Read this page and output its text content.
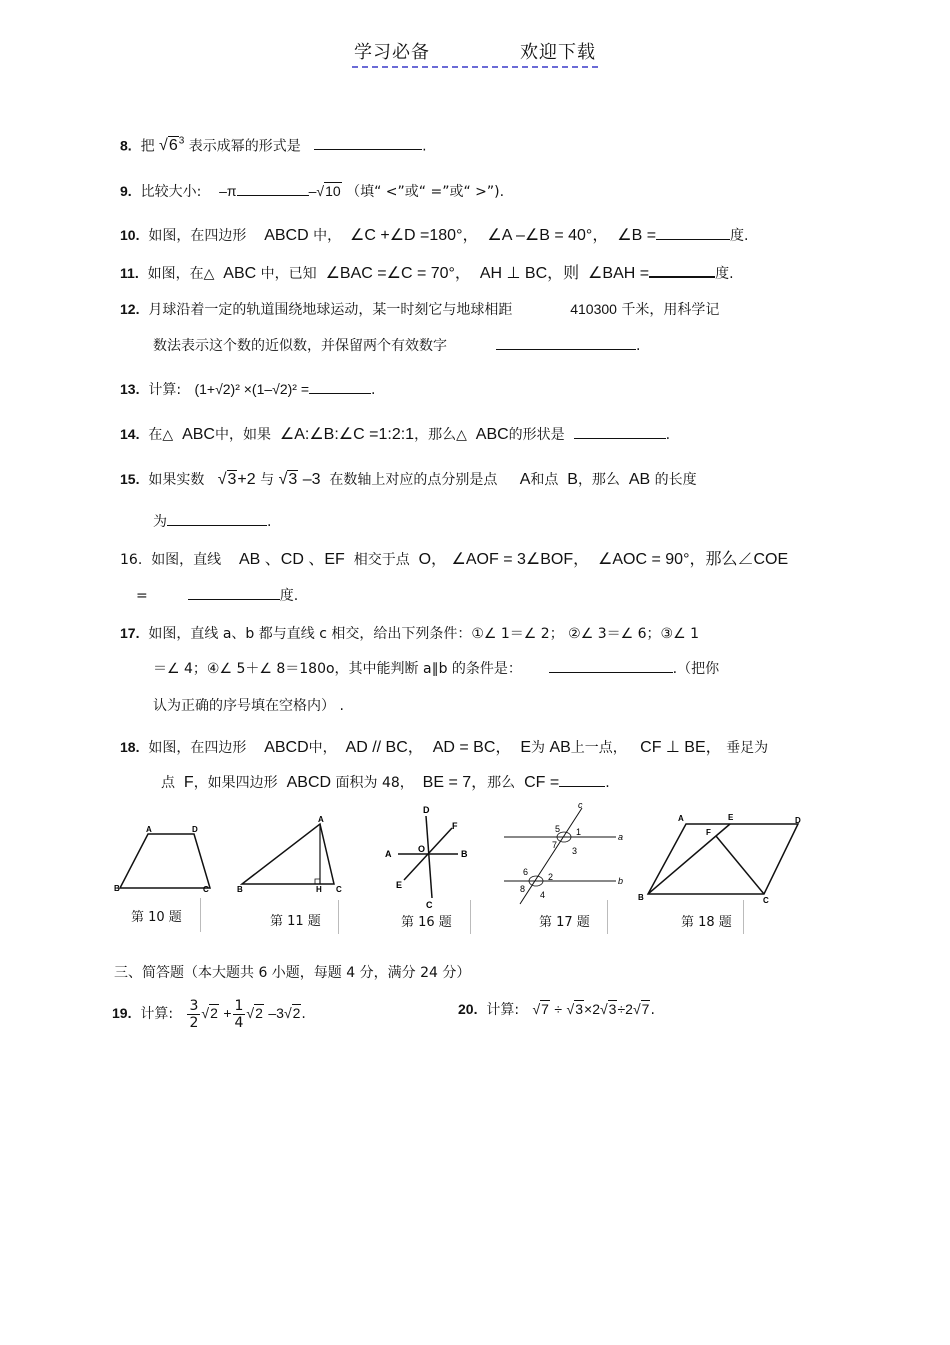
学习必备	欢迎下载
8. 把 $√6^3$ 表示成幂的形式是	.
9. 比较大小: –π	–√10 （填“ <”或“ =”或“ >”).
10. 如图，在四边形 ABCD 中， ∠C +∠D =180°， ∠A –∠B = 40°， ∠B =	度.
11. 如图，在△ ABC 中，已知 ∠BAC =∠C = 70°， AH ⊥ BC，则 ∠BAH =	度.
12. 月球沿着一定的轨道围绕地球运动，某一时刻它与地球相距	410300 千米，用科学记
数法表示这个数的近似数，并保留两个有效数字	.
13. 计算: (1+√2)² ×(1–√2)² =	.
14. 在△ ABC中，如果 ∠A:∠B:∠C =1:2:1，那么△ ABC的形状是	.
15. 如果实数 √3+2 与 √3 –3 在数轴上对应的点分别是点 A和点 B，那么 AB 的长度
为	.
16.  如图，直线 AB 、CD 、EF 相交于点 O， ∠AOF = 3∠BOF， ∠AOC = 90°，那么∠COE
=	度.
17. 如图，直线 a、b 都与直线 c 相交，给出下列条件：①∠ 1＝∠ 2； ②∠ 3＝∠ 6；③∠ 1
＝∠ 4；④∠ 5＋∠ 8＝180o，其中能判断 a∥b 的条件是：	.（把你
认为正确的序号填在空格内） .
18. 如图，在四边形 ABCD中， AD // BC， AD = BC， E为 AB上一点， CF ⊥ BE， 垂足为
点 F，如果四边形 ABCD 面积为 48， BE = 7，那么 CF =	.
A	D
B	C
第 10 题
A
B	H C
第 11 题
D
F
A	O	B
E
C
第 16 题
c
5 1
7
3
a
6 2
8
4
b
第 17 题
A	E	D
F
B	C
第 18 题
三、简答题（本大题共 6 小题，每题 4 分，满分 24 分）
19. 计算: $\frac{3}{2} √2 + \frac{1}{4} √2$ –3√2.	20. 计算: √7 ÷ √3×2√3÷2√7.
